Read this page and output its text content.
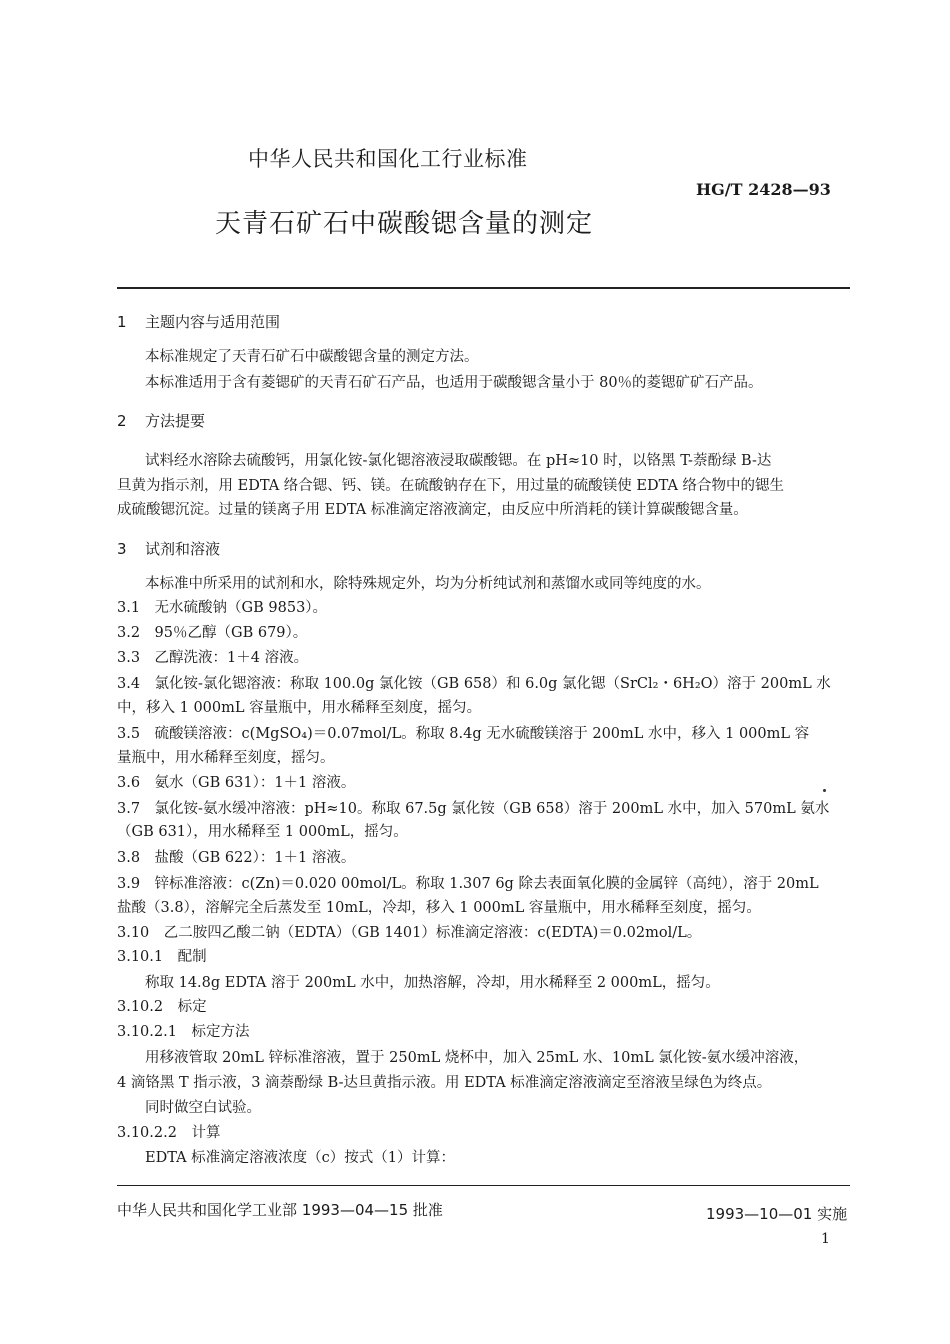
中华人民共和国化工行业标准
HG/T 2428—93
天青石矿石中碳酸锶含量的测定
1 主题内容与适用范围
本标准规定了天青石矿石中碳酸锶含量的测定方法。
本标准适用于含有菱锶矿的天青石矿石产品，也适用于碳酸锶含量小于 80％的菱锶矿矿石产品。
2 方法提要
试料经水溶除去硫酸钙，用氯化铵-氯化锶溶液浸取碳酸锶。在 pH≈10 时，以铬黑 T-萘酚绿 B-达
旦黄为指示剂，用 EDTA 络合锶、钙、镁。在硫酸钠存在下，用过量的硫酸镁使 EDTA 络合物中的锶生
成硫酸锶沉淀。过量的镁离子用 EDTA 标准滴定溶液滴定，由反应中所消耗的镁计算碳酸锶含量。
3 试剂和溶液
本标准中所采用的试剂和水，除特殊规定外，均为分析纯试剂和蒸馏水或同等纯度的水。
3.1　无水硫酸钠（GB 9853）。
3.2　95％乙醇（GB 679）。
3.3　乙醇洗液：1＋4 溶液。
3.4　氯化铵-氯化锶溶液：称取 100.0g 氯化铵（GB 658）和 6.0g 氯化锶（SrCl₂・6H₂O）溶于 200mL 水
中，移入 1 000mL 容量瓶中，用水稀释至刻度，摇匀。
3.5　硫酸镁溶液：c(MgSO₄)＝0.07mol/L。称取 8.4g 无水硫酸镁溶于 200mL 水中，移入 1 000mL 容
量瓶中，用水稀释至刻度，摇匀。
3.6　氨水（GB 631）：1＋1 溶液。
3.7　氯化铵-氨水缓冲溶液：pH≈10。称取 67.5g 氯化铵（GB 658）溶于 200mL 水中，加入 570mL 氨水
（GB 631），用水稀释至 1 000mL，摇匀。
3.8　盐酸（GB 622）：1＋1 溶液。
3.9　锌标准溶液：c(Zn)＝0.020 00mol/L。称取 1.307 6g 除去表面氧化膜的金属锌（高纯），溶于 20mL
盐酸（3.8），溶解完全后蒸发至 10mL，冷却，移入 1 000mL 容量瓶中，用水稀释至刻度，摇匀。
3.10　乙二胺四乙酸二钠（EDTA）（GB 1401）标准滴定溶液：c(EDTA)＝0.02mol/L。
3.10.1　配制
称取 14.8g EDTA 溶于 200mL 水中，加热溶解，冷却，用水稀释至 2 000mL，摇匀。
3.10.2　标定
3.10.2.1　标定方法
用移液管取 20mL 锌标准溶液，置于 250mL 烧杯中，加入 25mL 水、10mL 氯化铵-氨水缓冲溶液，
4 滴铬黑 T 指示液，3 滴萘酚绿 B-达旦黄指示液。用 EDTA 标准滴定溶液滴定至溶液呈绿色为终点。
同时做空白试验。
3.10.2.2　计算
EDTA 标准滴定溶液浓度（c）按式（1）计算：
中华人民共和国化学工业部 1993—04—15 批准	1993—10—01 实施
1
